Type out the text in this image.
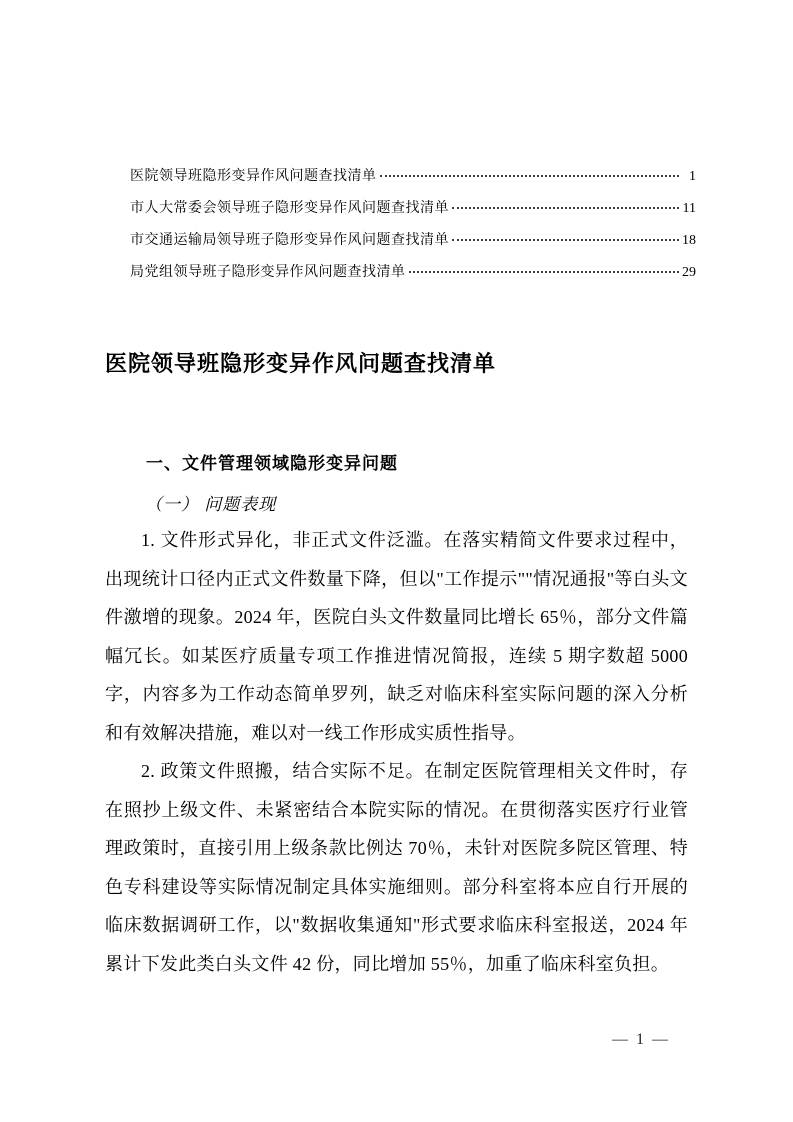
医院领导班隐形变异作风问题查找清单	1
市人大常委会领导班子隐形变异作风问题查找清单	11
市交通运输局领导班子隐形变异作风问题查找清单	18
局党组领导班子隐形变异作风问题查找清单	29
医院领导班隐形变异作风问题查找清单
一、文件管理领域隐形变异问题
（一） 问题表现

1. 文件形式异化，非正式文件泛滥。在落实精简文件要求过程中，出现统计口径内正式文件数量下降，但以"工作提示""情况通报"等白头文件激增的现象。2024 年，医院白头文件数量同比增长 65％，部分文件篇幅冗长。如某医疗质量专项工作推进情况简报，连续 5 期字数超 5000 字，内容多为工作动态简单罗列，缺乏对临床科室实际问题的深入分析和有效解决措施，难以对一线工作形成实质性指导。

2. 政策文件照搬，结合实际不足。在制定医院管理相关文件时，存在照抄上级文件、未紧密结合本院实际的情况。在贯彻落实医疗行业管理政策时，直接引用上级条款比例达 70％，未针对医院多院区管理、特色专科建设等实际情况制定具体实施细则。部分科室将本应自行开展的临床数据调研工作，以"数据收集通知"形式要求临床科室报送，2024 年累计下发此类白头文件 42 份，同比增加 55％，加重了临床科室负担。

— 1 —
